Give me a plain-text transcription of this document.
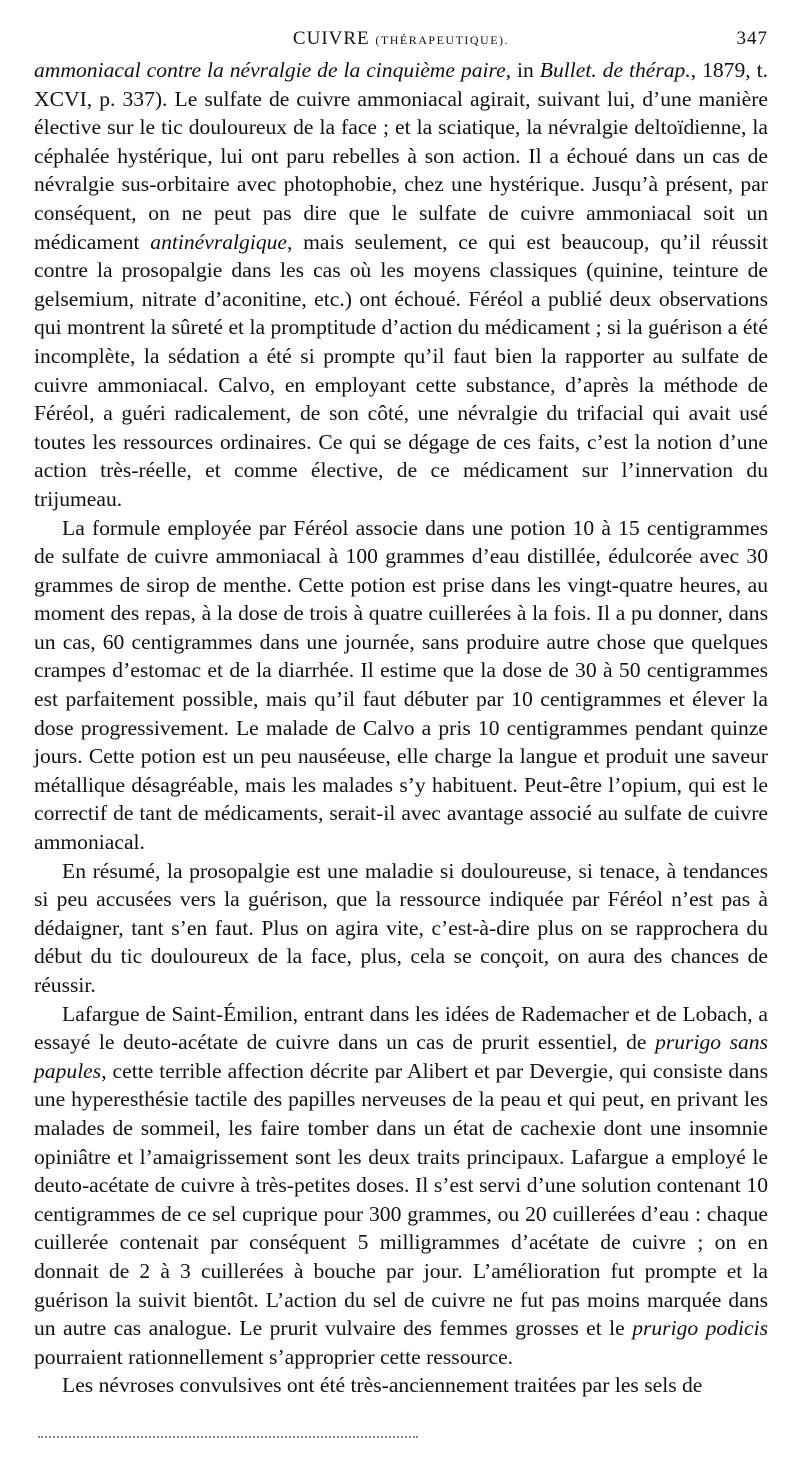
CUIVRE (THÉRAPEUTIQUE).	347

ammoniacal contre la névralgie de la cinquième paire, in Bullet. de thérap., 1879, t. XCVI, p. 337). Le sulfate de cuivre ammoniacal agirait, suivant lui, d’une manière élective sur le tic douloureux de la face ; et la sciatique, la névralgie deltoïdienne, la céphalée hystérique, lui ont paru rebelles à son action. Il a échoué dans un cas de névralgie sus-orbitaire avec photophobie, chez une hystérique. Jusqu’à présent, par conséquent, on ne peut pas dire que le sulfate de cuivre ammoniacal soit un médicament antinévralgique, mais seulement, ce qui est beaucoup, qu’il réussit contre la prosopalgie dans les cas où les moyens classiques (quinine, teinture de gelsemium, nitrate d’aconitine, etc.) ont échoué. Féréol a publié deux observations qui montrent la sûreté et la promptitude d’action du médicament ; si la guérison a été incomplète, la sédation a été si prompte qu’il faut bien la rapporter au sulfate de cuivre ammoniacal. Calvo, en employant cette substance, d’après la méthode de Féréol, a guéri radicalement, de son côté, une névralgie du trifacial qui avait usé toutes les ressources ordinaires. Ce qui se dégage de ces faits, c’est la notion d’une action très-réelle, et comme élective, de ce médicament sur l’innervation du trijumeau.

La formule employée par Féréol associe dans une potion 10 à 15 centigrammes de sulfate de cuivre ammoniacal à 100 grammes d’eau distillée, édulcorée avec 30 grammes de sirop de menthe. Cette potion est prise dans les vingt-quatre heures, au moment des repas, à la dose de trois à quatre cuillerées à la fois. Il a pu donner, dans un cas, 60 centigrammes dans une journée, sans produire autre chose que quelques crampes d’estomac et de la diarrhée. Il estime que la dose de 30 à 50 centigrammes est parfaitement possible, mais qu’il faut débuter par 10 centigrammes et élever la dose progressivement. Le malade de Calvo a pris 10 centigrammes pendant quinze jours. Cette potion est un peu nauséeuse, elle charge la langue et produit une saveur métallique désagréable, mais les malades s’y habituent. Peut-être l’opium, qui est le correctif de tant de médicaments, serait-il avec avantage associé au sulfate de cuivre ammoniacal.

En résumé, la prosopalgie est une maladie si douloureuse, si tenace, à tendances si peu accusées vers la guérison, que la ressource indiquée par Féréol n’est pas à dédaigner, tant s’en faut. Plus on agira vite, c’est-à-dire plus on se rapprochera du début du tic douloureux de la face, plus, cela se conçoit, on aura des chances de réussir.

Lafargue de Saint-Émilion, entrant dans les idées de Rademacher et de Lobach, a essayé le deuto-acétate de cuivre dans un cas de prurit essentiel, de prurigo sans papules, cette terrible affection décrite par Alibert et par Devergie, qui consiste dans une hyperesthésie tactile des papilles nerveuses de la peau et qui peut, en privant les malades de sommeil, les faire tomber dans un état de cachexie dont une insomnie opiniâtre et l’amaigrissement sont les deux traits principaux. Lafargue a employé le deuto-acétate de cuivre à très-petites doses. Il s’est servi d’une solution contenant 10 centigrammes de ce sel cuprique pour 300 grammes, ou 20 cuillerées d’eau : chaque cuillerée contenait par conséquent 5 milligrammes d’acétate de cuivre ; on en donnait de 2 à 3 cuillerées à bouche par jour. L’amélioration fut prompte et la guérison la suivit bientôt. L’action du sel de cuivre ne fut pas moins marquée dans un autre cas analogue. Le prurit vulvaire des femmes grosses et le prurigo podicis pourraient rationnellement s’approprier cette ressource.

Les névroses convulsives ont été très-anciennement traitées par les sels de
